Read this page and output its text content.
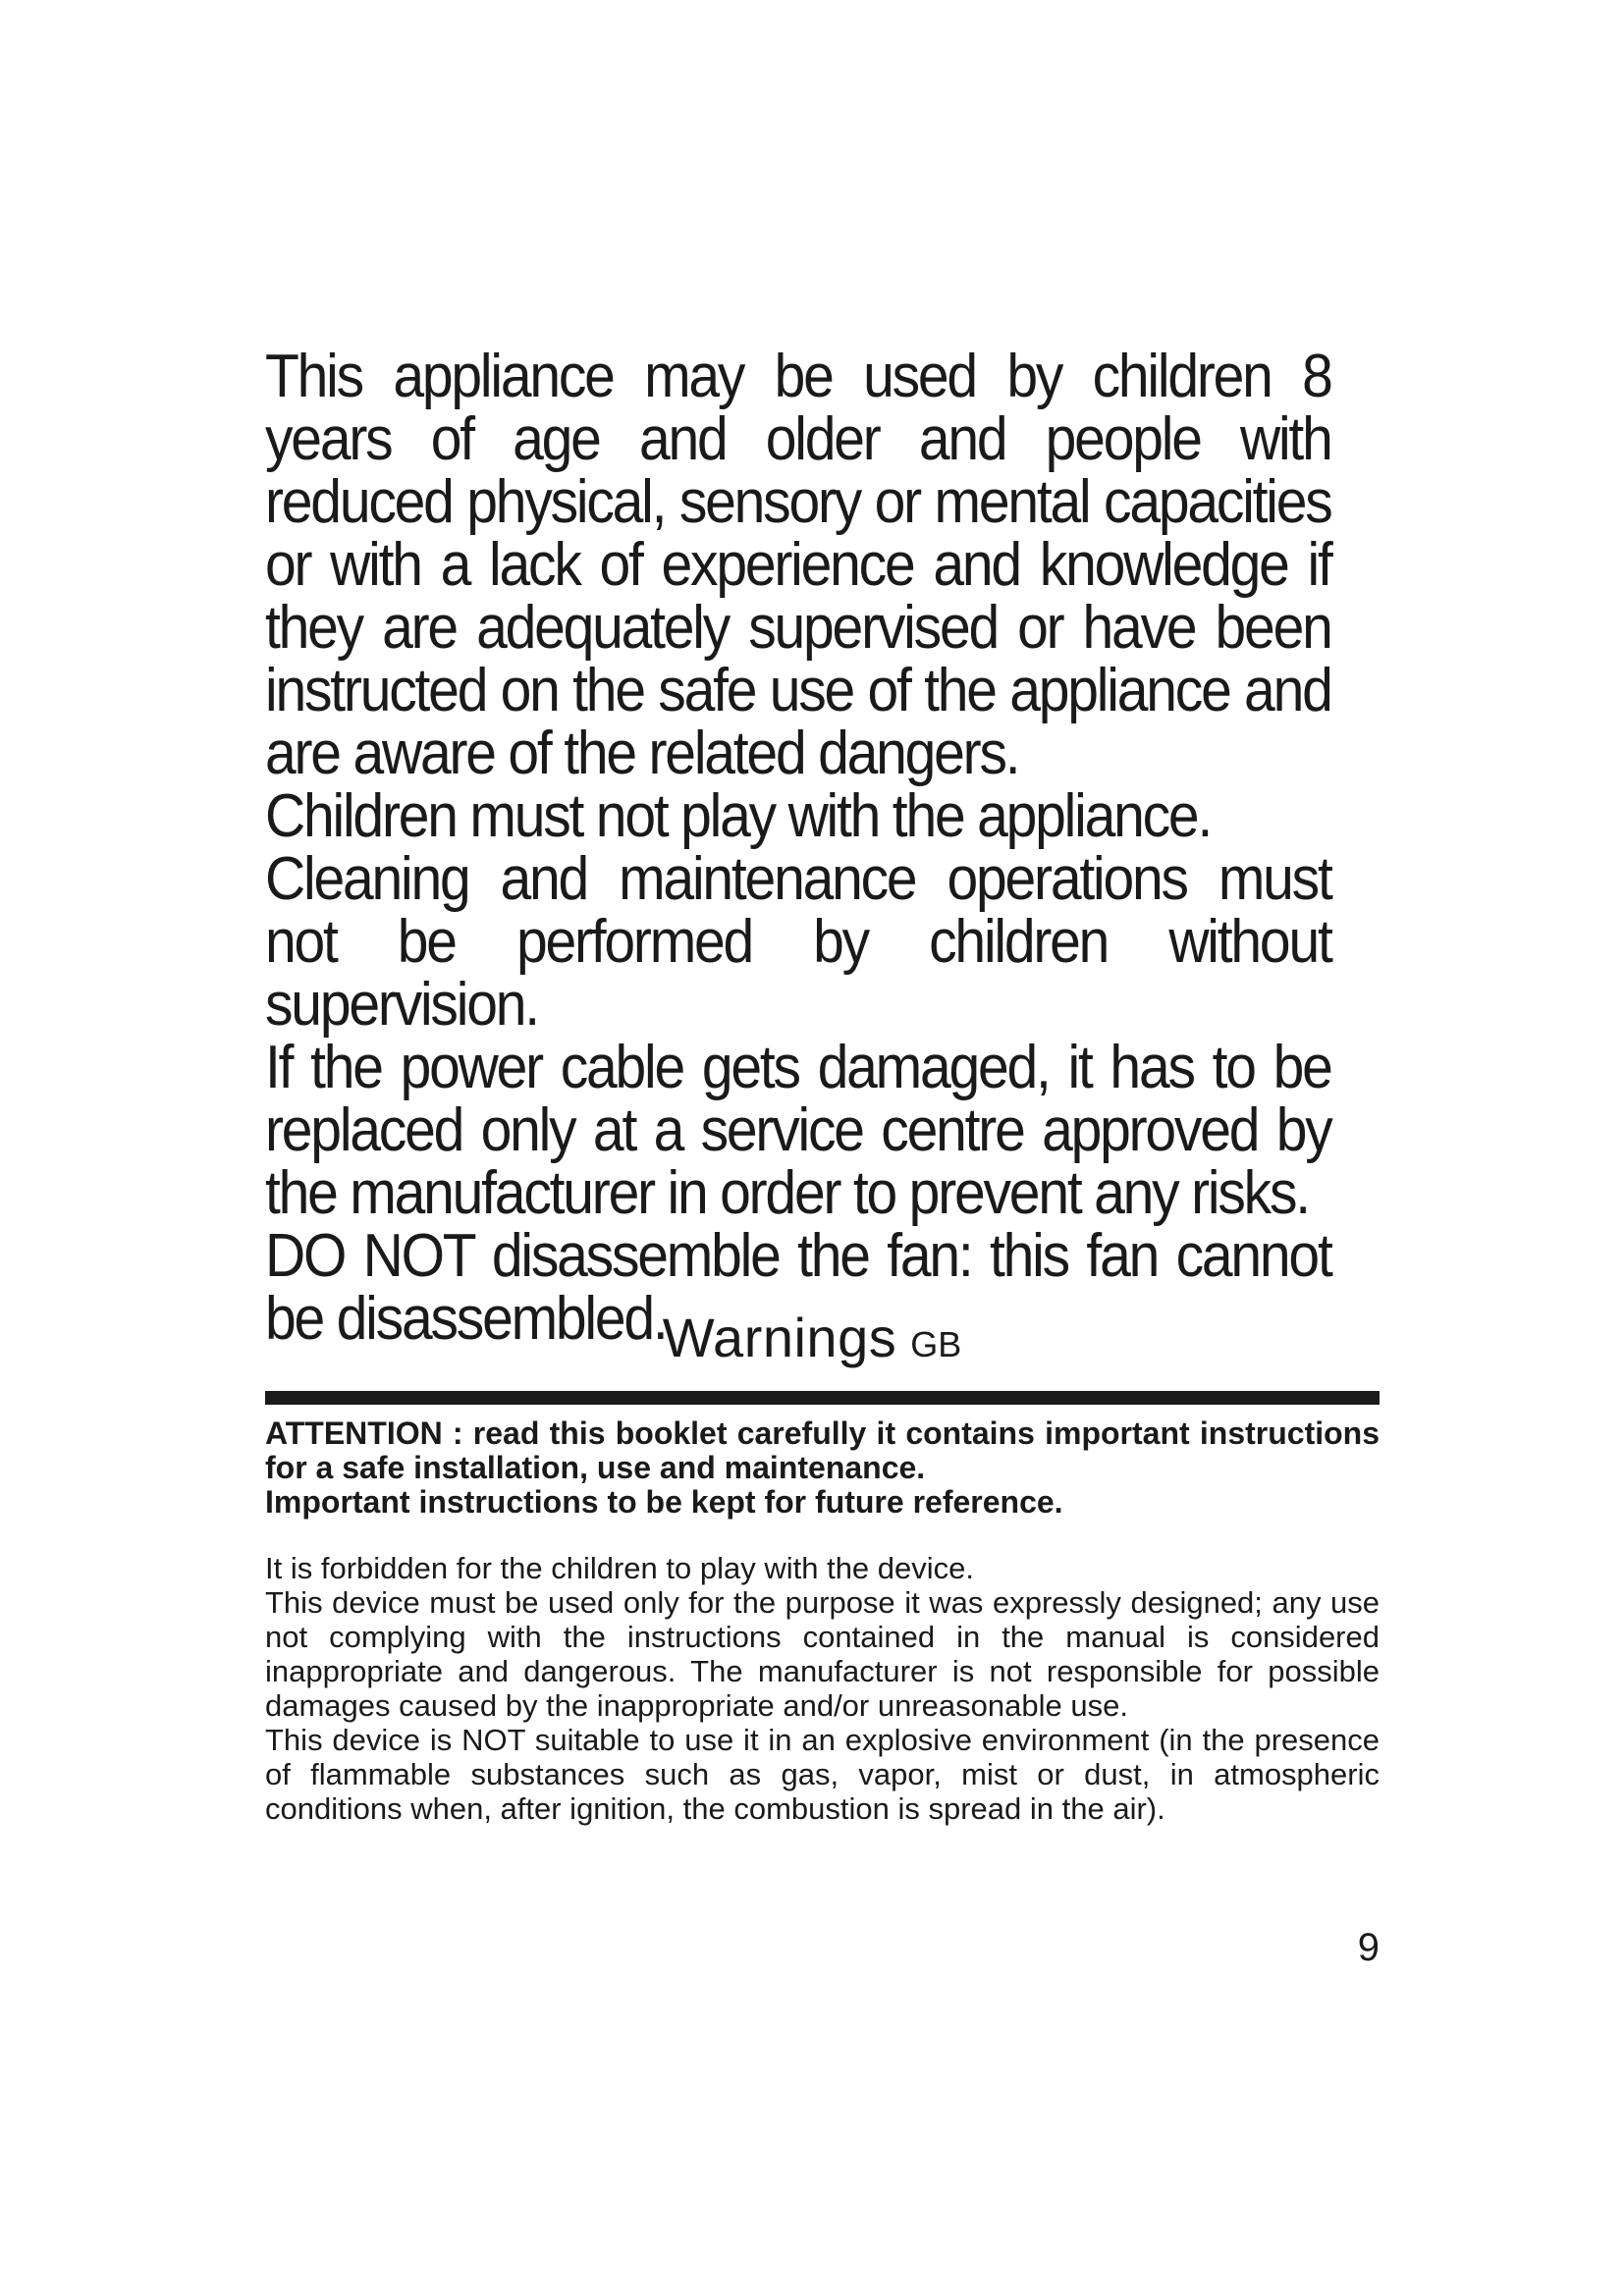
This appliance may be used by children 8 years of age and older and people with reduced physical, sensory or mental capacities or with a lack of experience and knowledge if they are adequately supervised or have been instructed on the safe use of the appliance and are aware of the related dangers.

Children must not play with the appliance.

Cleaning and maintenance operations must not be performed by children without supervision.

If the power cable gets damaged, it has to be replaced only at a service centre approved by the manufacturer in order to prevent any risks.

DO NOT disassemble the fan: this fan cannot be disassembled.

Warnings GB

ATTENTION : read this booklet carefully it contains important instructions for a safe installation, use and maintenance.

Important instructions to be kept for future reference.

It is forbidden for the children to play with the device.

This device must be used only for the purpose it was expressly designed; any use not complying with the instructions contained in the manual is considered inappropriate and dangerous. The manufacturer is not responsible for possible damages caused by the inappropriate and/or unreasonable use.

This device is NOT suitable to use it in an explosive environment (in the presence of flammable substances such as gas, vapor, mist or dust, in atmospheric conditions when, after ignition, the combustion is spread in the air).

9
